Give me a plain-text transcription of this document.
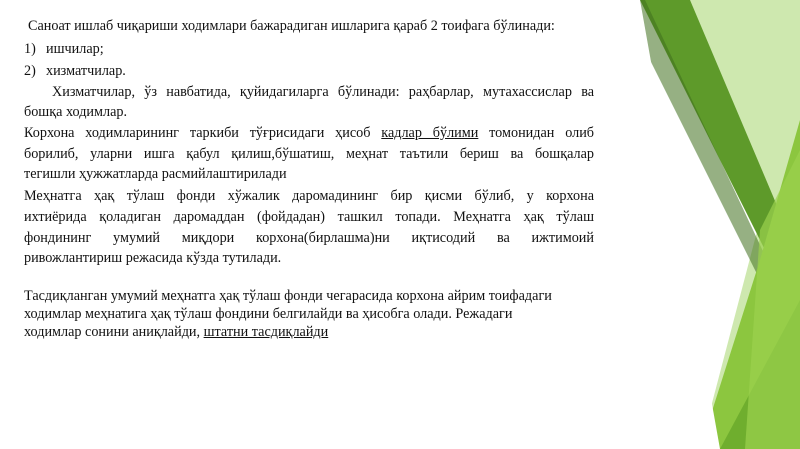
Саноат ишлаб чиқариши ходимлари бажарадиган ишларига қараб 2 тоифага бўлинади:
1) ишчилар;
2) хизматчилар.
Хизматчилар, ўз навбатида, қуйидагиларга бўлинади: раҳбарлар, мутахассислар ва
бошқа ходимлар.
Корхона ходимларининг таркиби тўғрисидаги ҳисоб кадлар бўлими томонидан олиб
борилиб, уларни ишга қабул қилиш,бўшатиш, меҳнат таътили бериш ва бошқалар
тегишли ҳужжатларда расмийлаштирилади
Меҳнатга ҳақ тўлаш фонди хўжалик даромадининг бир қисми бўлиб, у корхона
ихтиёрида қоладиган даромаддан (фойдадан) ташкил топади. Меҳнатга ҳақ тўлаш
фондининг умумий миқдори корхона(бирлашма)ни иқтисодий ва ижтимоий
ривожлантириш режасида кўзда тутилади.
Тасдиқланган умумий меҳнатга ҳақ тўлаш фонди чегарасида корхона айрим тоифадаги
ходимлар меҳнатига ҳақ тўлаш фондини белгилайди ва ҳисобга олади. Режадаги
ходимлар сонини аниқлайди, штатни тасдиқлайди
